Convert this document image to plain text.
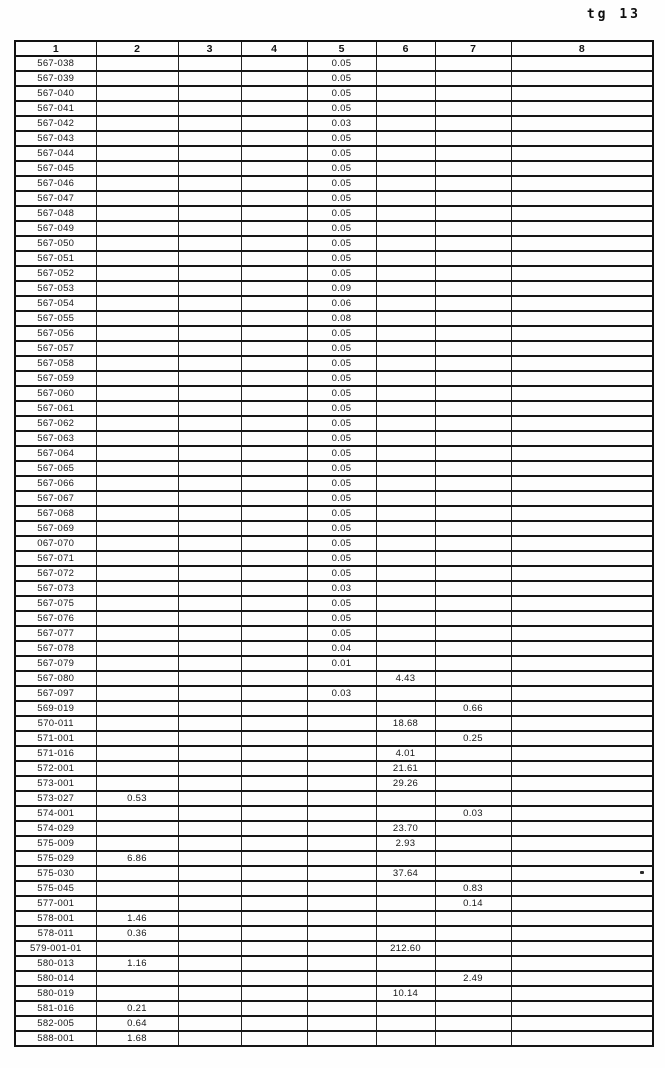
tg 13
1	2	3	4	5	6	7	8
567-038				0.05			
567-039				0.05			
567-040				0.05			
567-041				0.05			
567-042				0.03			
567-043				0.05			
567-044				0.05			
567-045				0.05			
567-046				0.05			
567-047				0.05			
567-048				0.05			
567-049				0.05			
567-050				0.05			
567-051				0.05			
567-052				0.05			
567-053				0.09			
567-054				0.06			
567-055				0.08			
567-056				0.05			
567-057				0.05			
567-058				0.05			
567-059				0.05			
567-060				0.05			
567-061				0.05			
567-062				0.05			
567-063				0.05			
567-064				0.05			
567-065				0.05			
567-066				0.05			
567-067				0.05			
567-068				0.05			
567-069				0.05			
067-070				0.05			
567-071				0.05			
567-072				0.05			
567-073				0.03			
567-075				0.05			
567-076				0.05			
567-077				0.05			
567-078				0.04			
567-079				0.01			
567-080					4.43		
567-097				0.03			
569-019						0.66	
570-011					18.68		
571-001						0.25	
571-016					4.01		
572-001					21.61		
573-001					29.26		
573-027	0.53						
574-001						0.03	
574-029					23.70		
575-009					2.93		
575-029	6.86						
575-030					37.64		
575-045						0.83	
577-001						0.14	
578-001	1.46						
578-011	0.36						
579-001-01					212.60		
580-013	1.16						
580-014						2.49	
580-019					10.14		
581-016	0.21						
582-005	0.64						
588-001	1.68						
